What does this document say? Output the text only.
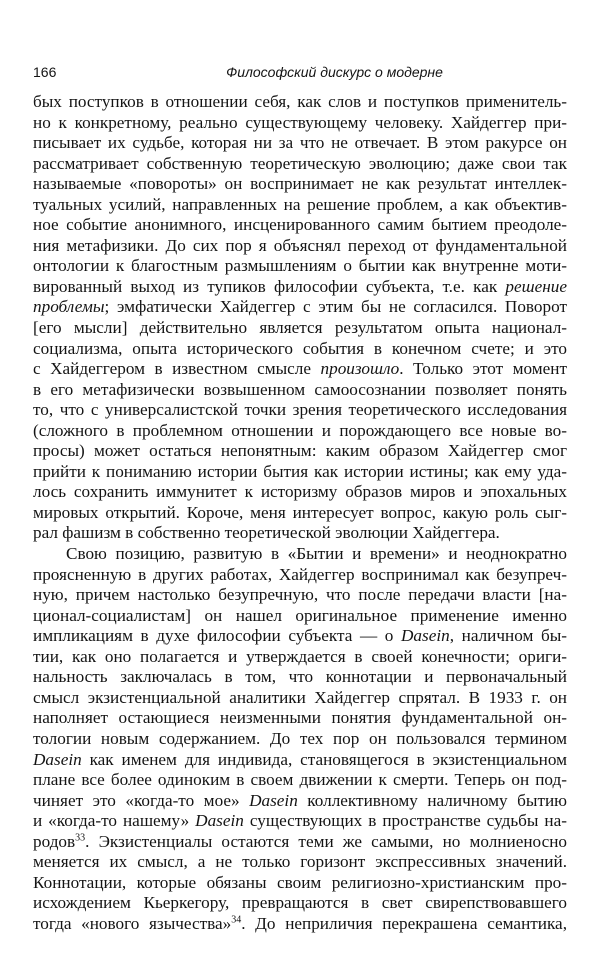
166	Философский дискурс о модерне
бых поступков в отношении себя, как слов и поступков применитель-
но к конкретному, реально существующему человеку. Хайдеггер при-
писывает их судьбе, которая ни за что не отвечает. В этом ракурсе он
рассматривает собственную теоретическую эволюцию; даже свои так
называемые «повороты» он воспринимает не как результат интеллек-
туальных усилий, направленных на решение проблем, а как объектив-
ное событие анонимного, инсценированного самим бытием преодоле-
ния метафизики. До сих пор я объяснял переход от фундаментальной
онтологии к благостным размышлениям о бытии как внутренне моти-
вированный выход из тупиков философии субъекта, т.е. как решение
проблемы; эмфатически Хайдеггер с этим бы не согласился. Поворот
[его мысли] действительно является результатом опыта национал-
социализма, опыта исторического события в конечном счете; и это
с Хайдеггером в известном смысле произошло. Только этот момент
в его метафизически возвышенном самоосознании позволяет понять
то, что с универсалистской точки зрения теоретического исследования
(сложного в проблемном отношении и порождающего все новые во-
просы) может остаться непонятным: каким образом Хайдеггер смог
прийти к пониманию истории бытия как истории истины; как ему уда-
лось сохранить иммунитет к историзму образов миров и эпохальных
мировых открытий. Короче, меня интересует вопрос, какую роль сыг-
рал фашизм в собственно теоретической эволюции Хайдеггера.
Свою позицию, развитую в «Бытии и времени» и неоднократно
проясненную в других работах, Хайдеггер воспринимал как безупреч-
ную, причем настолько безупречную, что после передачи власти [на-
ционал-социалистам] он нашел оригинальное применение именно
импликациям в духе философии субъекта — о Dasein, наличном бы-
тии, как оно полагается и утверждается в своей конечности; ориги-
нальность заключалась в том, что коннотации и первоначальный
смысл экзистенциальной аналитики Хайдеггер спрятал. В 1933 г. он
наполняет остающиеся неизменными понятия фундаментальной он-
тологии новым содержанием. До тех пор он пользовался термином
Dasein как именем для индивида, становящегося в экзистенциальном
плане все более одиноким в своем движении к смерти. Теперь он под-
чиняет это «когда-то мое» Dasein коллективному наличному бытию
и «когда-то нашему» Dasein существующих в пространстве судьбы на-
родов$^{33}$. Экзистенциалы остаются теми же самыми, но молниеносно
меняется их смысл, а не только горизонт экспрессивных значений.
Коннотации, которые обязаны своим религиозно-христианским про-
исхождением Кьеркегору, превращаются в свет свирепствовавшего
тогда «нового язычества»$^{34}$. До неприличия перекрашена семантика,
